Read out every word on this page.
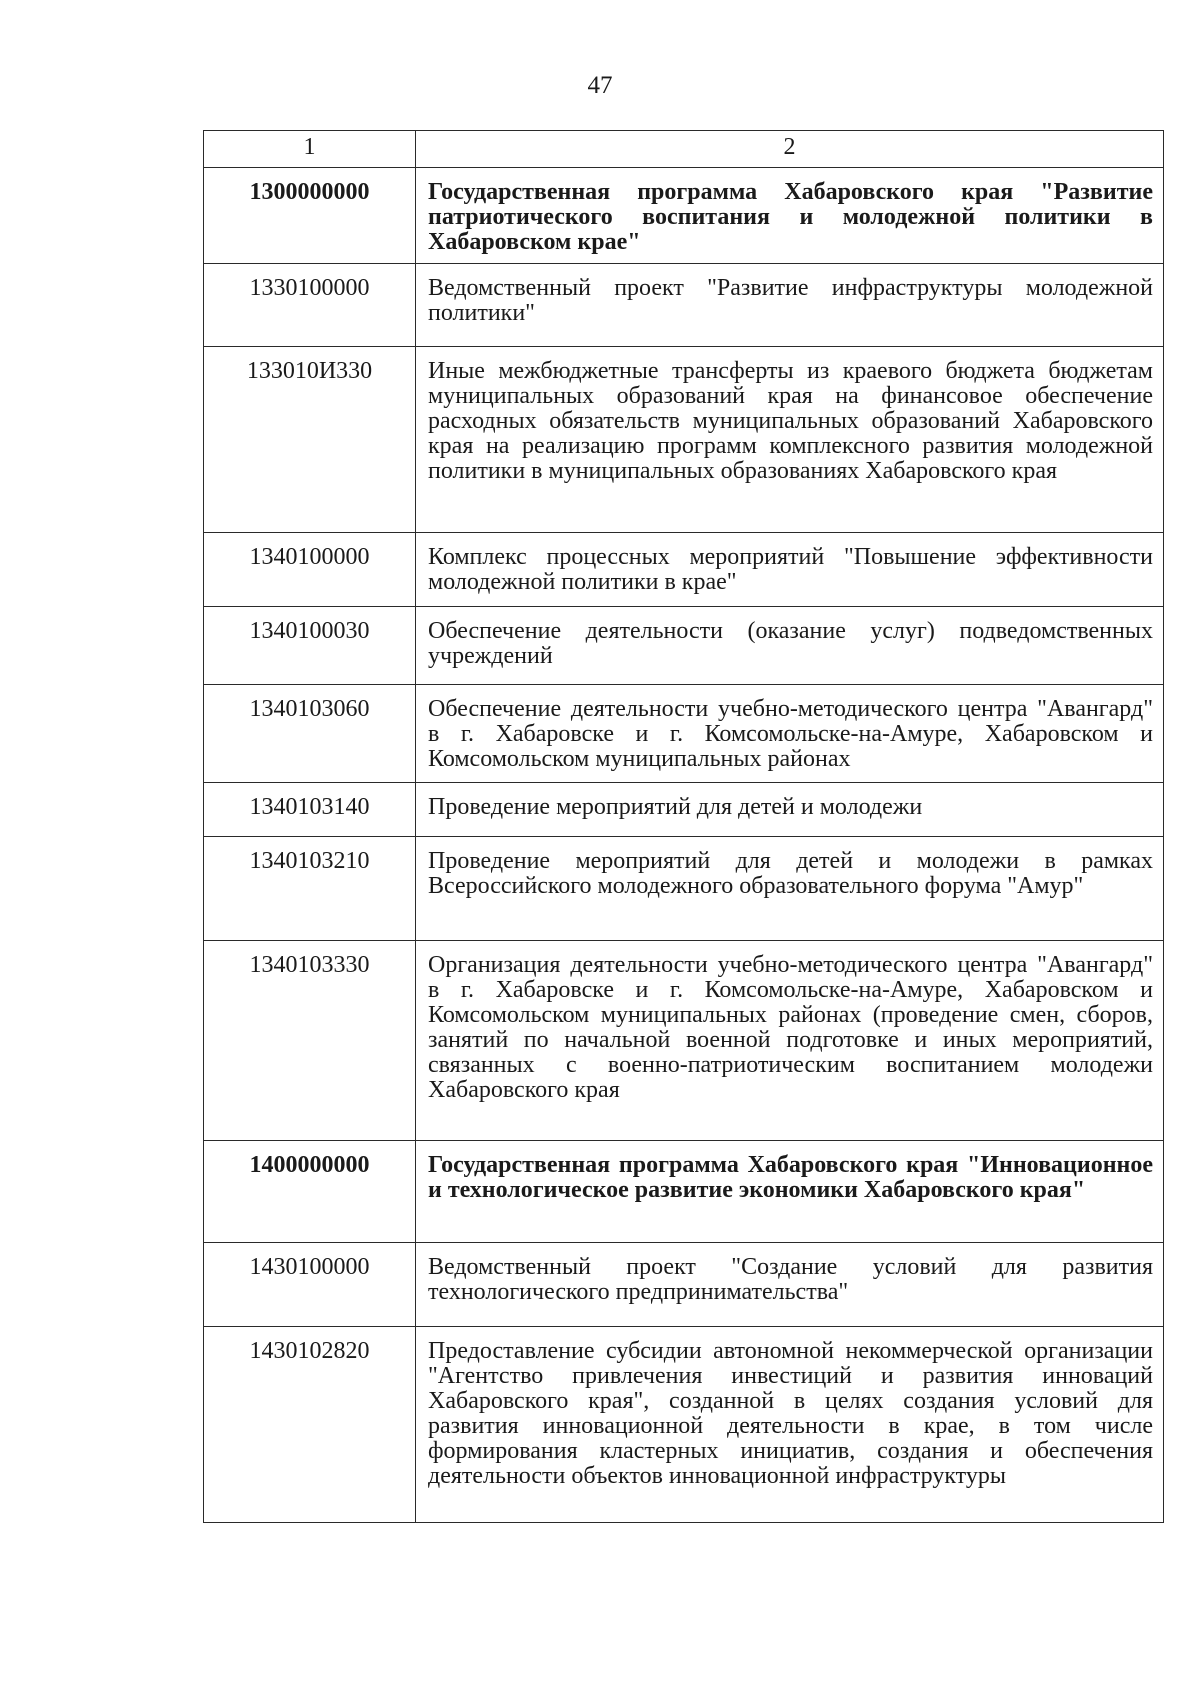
47
1	2
1300000000	Государственная программа Хабаровского края "Развитие патриотического воспитания и молодежной политики в Хабаровском крае"
1330100000	Ведомственный проект "Развитие инфраструктуры молодежной политики"
133010И330	Иные межбюджетные трансферты из краевого бюджета бюджетам муниципальных образований края на финансовое обеспечение расходных обязательств муниципальных образований Хабаровского края на реализацию программ комплексного развития молодежной политики в муниципальных образованиях Хабаровского края
1340100000	Комплекс процессных мероприятий "Повышение эффективности молодежной политики в крае"
1340100030	Обеспечение деятельности (оказание услуг) подведомственных учреждений
1340103060	Обеспечение деятельности учебно-методического центра "Авангард" в г. Хабаровске и г. Комсомольске-на-Амуре, Хабаровском и Комсомольском муниципальных районах
1340103140	Проведение мероприятий для детей и молодежи
1340103210	Проведение мероприятий для детей и молодежи в рамках Всероссийского молодежного образовательного форума "Амур"
1340103330	Организация деятельности учебно-методического центра "Авангард" в г. Хабаровске и г. Комсомольске-на-Амуре, Хабаровском и Комсомольском муниципальных районах (проведение смен, сборов, занятий по начальной военной подготовке и иных мероприятий, связанных с военно-патриотическим воспитанием молодежи Хабаровского края
1400000000	Государственная программа Хабаровского края "Инновационное и технологическое развитие экономики Хабаровского края"
1430100000	Ведомственный проект "Создание условий для развития технологического предпринимательства"
1430102820	Предоставление субсидии автономной некоммерческой организации "Агентство привлечения инвестиций и развития инноваций Хабаровского края", созданной в целях создания условий для развития инновационной деятельности в крае, в том числе формирования кластерных инициатив, создания и обеспечения деятельности объектов инновационной инфраструктуры
